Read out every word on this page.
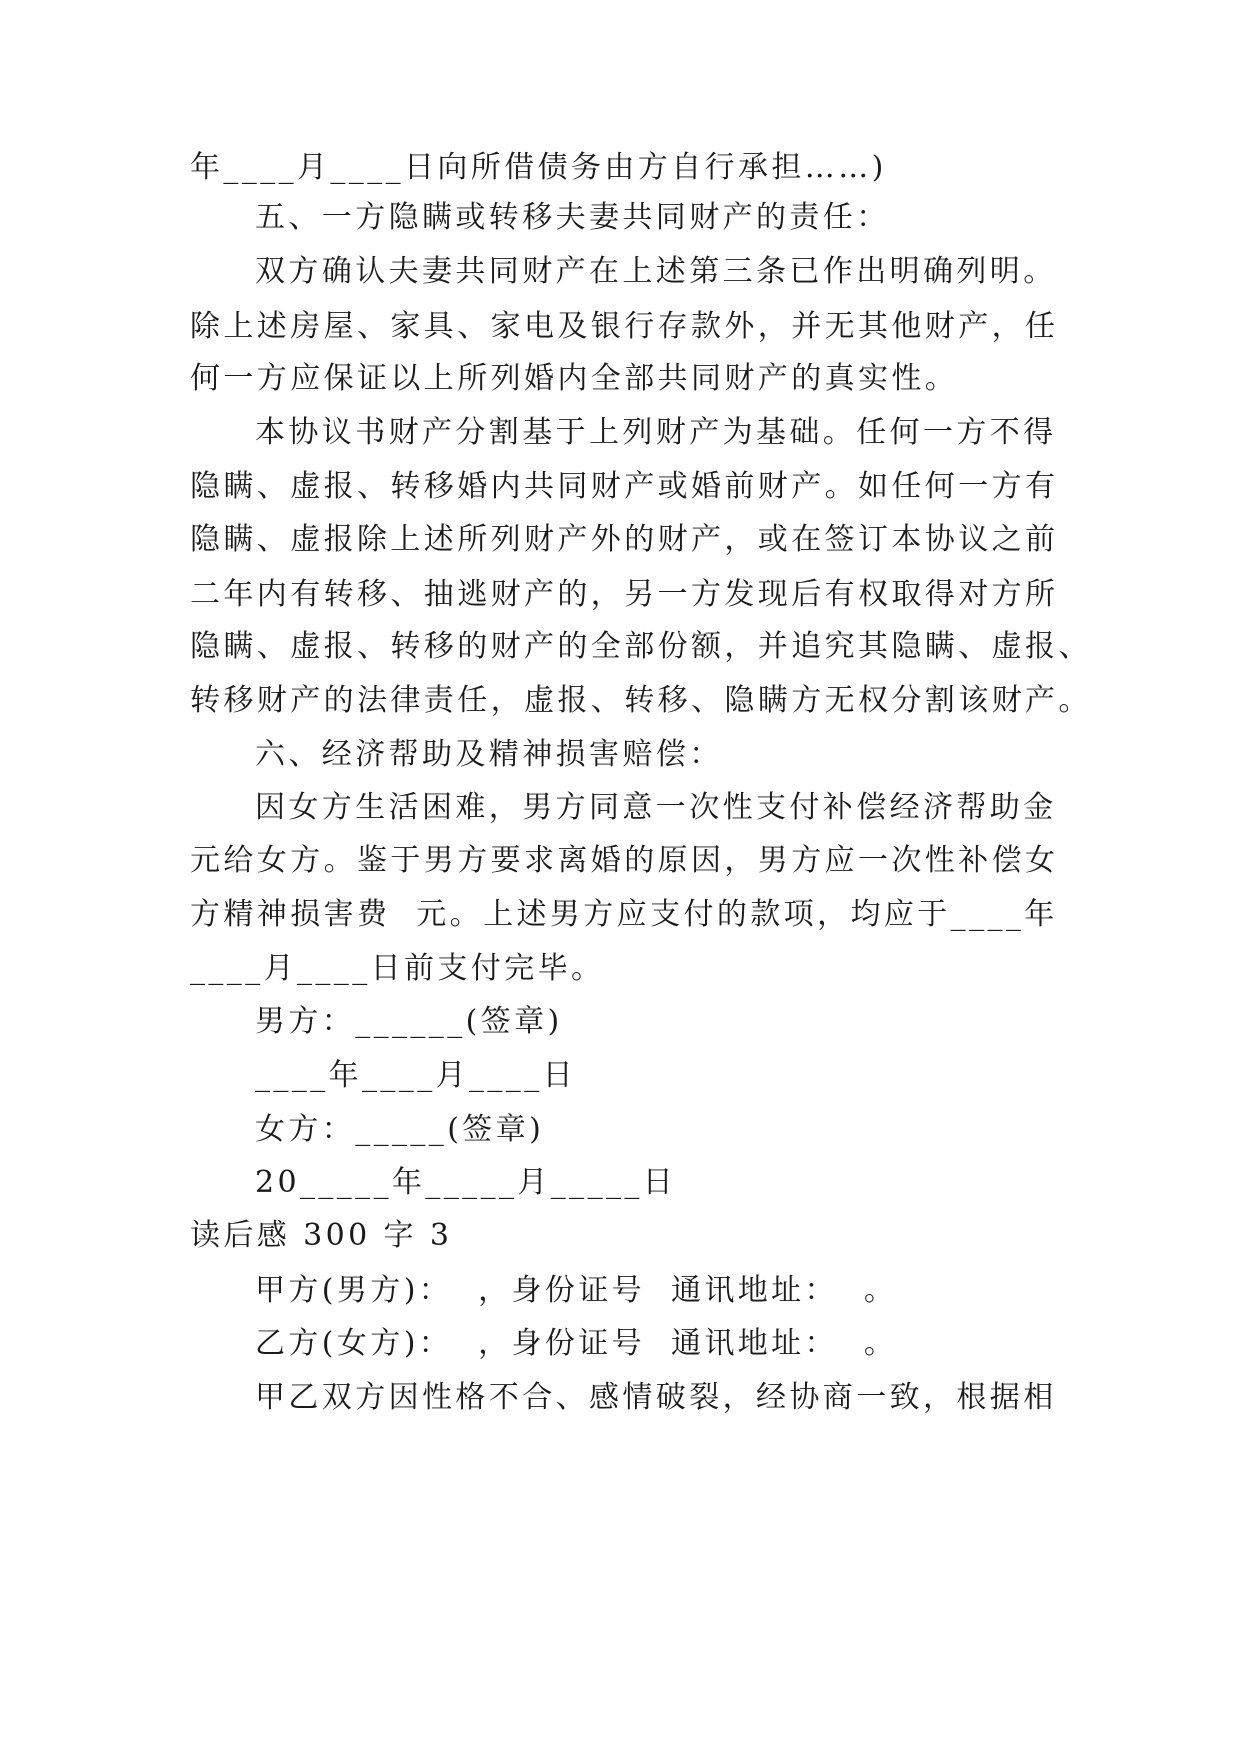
年____月____日向所借债务由方自行承担……)
五、一方隐瞒或转移夫妻共同财产的责任：
双方确认夫妻共同财产在上述第三条已作出明确列明。
除上述房屋、家具、家电及银行存款外，并无其他财产，任
何一方应保证以上所列婚内全部共同财产的真实性。
本协议书财产分割基于上列财产为基础。任何一方不得
隐瞒、虚报、转移婚内共同财产或婚前财产。如任何一方有
隐瞒、虚报除上述所列财产外的财产，或在签订本协议之前
二年内有转移、抽逃财产的，另一方发现后有权取得对方所
隐瞒、虚报、转移的财产的全部份额，并追究其隐瞒、虚报、
转移财产的法律责任，虚报、转移、隐瞒方无权分割该财产。
六、经济帮助及精神损害赔偿：
因女方生活困难，男方同意一次性支付补偿经济帮助金
元给女方。鉴于男方要求离婚的原因，男方应一次性补偿女
方精神损害费  元。上述男方应支付的款项，均应于____年
____月____日前支付完毕。
男方：______(签章)
____年____月____日
女方：_____(签章)
20_____年_____月_____日
读后感 300 字 3
甲方(男方)：  ，身份证号  通讯地址：  。
乙方(女方)：  ，身份证号  通讯地址：  。
甲乙双方因性格不合、感情破裂，经协商一致，根据相
